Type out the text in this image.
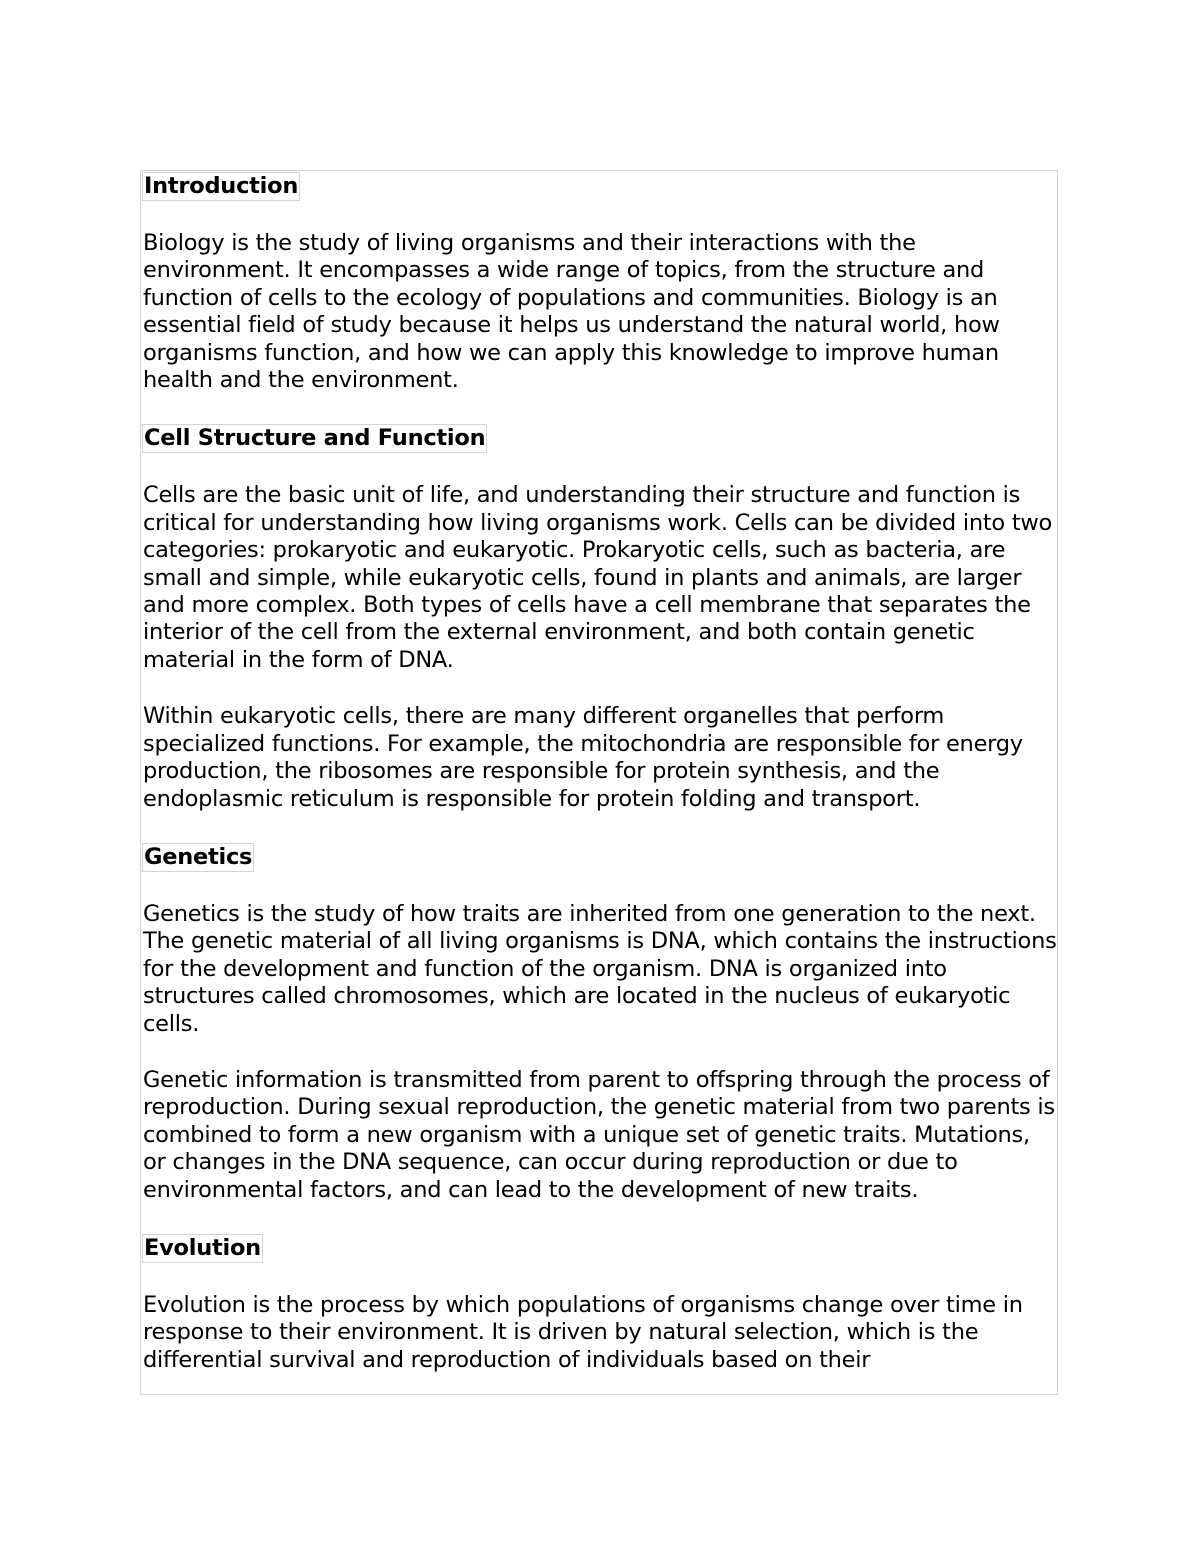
Introduction

Biology is the study of living organisms and their interactions with the environment. It encompasses a wide range of topics, from the structure and function of cells to the ecology of populations and communities. Biology is an essential field of study because it helps us understand the natural world, how organisms function, and how we can apply this knowledge to improve human health and the environment.

Cell Structure and Function

Cells are the basic unit of life, and understanding their structure and function is critical for understanding how living organisms work. Cells can be divided into two categories: prokaryotic and eukaryotic. Prokaryotic cells, such as bacteria, are small and simple, while eukaryotic cells, found in plants and animals, are larger and more complex. Both types of cells have a cell membrane that separates the interior of the cell from the external environment, and both contain genetic material in the form of DNA.

Within eukaryotic cells, there are many different organelles that perform specialized functions. For example, the mitochondria are responsible for energy production, the ribosomes are responsible for protein synthesis, and the endoplasmic reticulum is responsible for protein folding and transport.

Genetics

Genetics is the study of how traits are inherited from one generation to the next. The genetic material of all living organisms is DNA, which contains the instructions for the development and function of the organism. DNA is organized into structures called chromosomes, which are located in the nucleus of eukaryotic cells.

Genetic information is transmitted from parent to offspring through the process of reproduction. During sexual reproduction, the genetic material from two parents is combined to form a new organism with a unique set of genetic traits. Mutations, or changes in the DNA sequence, can occur during reproduction or due to environmental factors, and can lead to the development of new traits.

Evolution

Evolution is the process by which populations of organisms change over time in response to their environment. It is driven by natural selection, which is the differential survival and reproduction of individuals based on their
